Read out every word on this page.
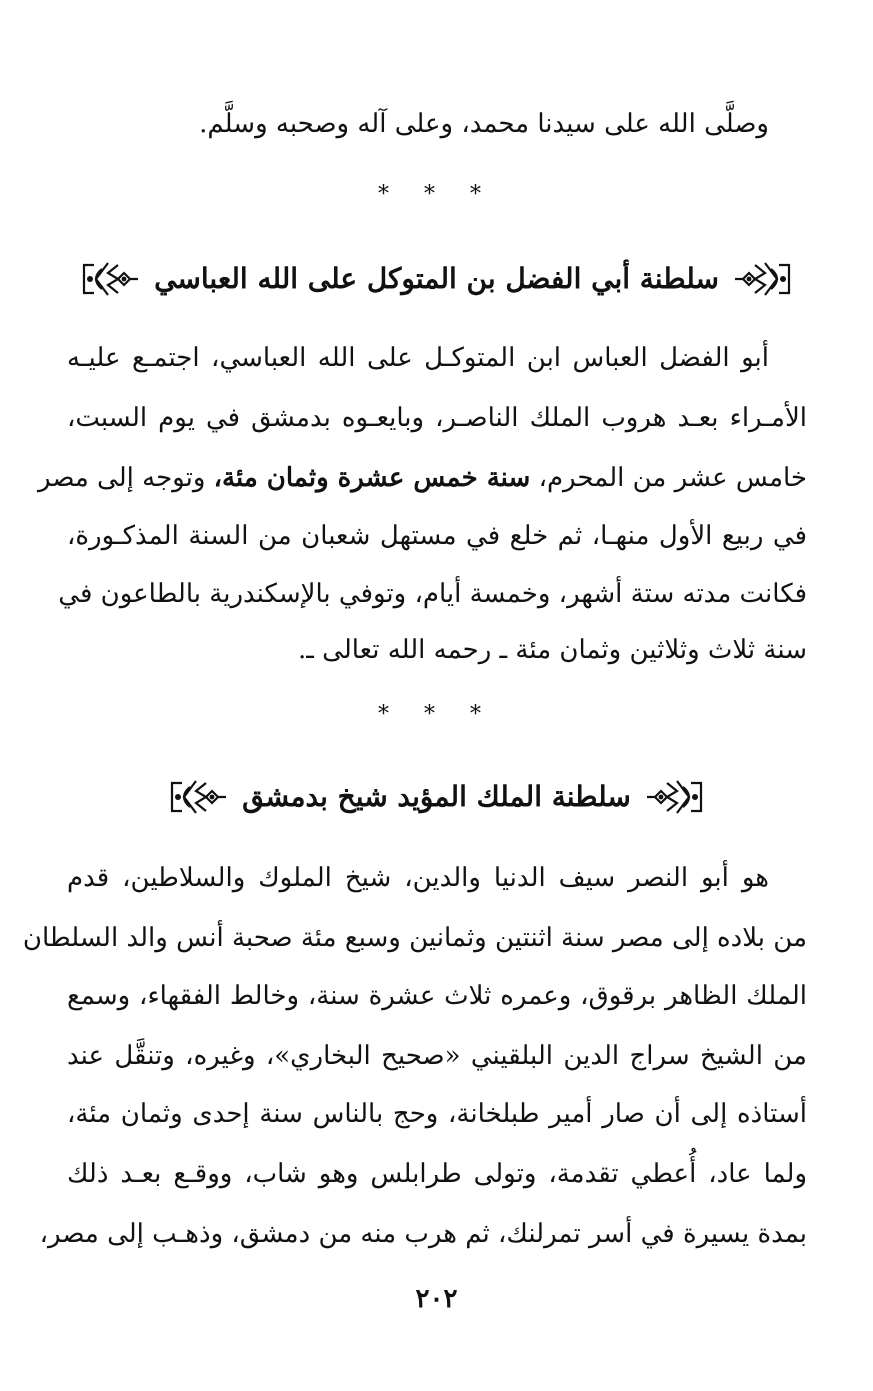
وصلَّى الله على سيدنا محمد، وعلى آله وصحبه وسلَّم.
* * *
سلطنة أبي الفضل بن المتوكل على الله العباسي
أبو الفضل العباس ابن المتوكـل على الله العباسي، اجتمـع عليـه
الأمـراء بعـد هروب الملك الناصـر، وبايعـوه بدمشق في يوم السبت،
خامس عشر من المحرم، سنة خمس عشرة وثمان مئة، وتوجه إلى مصر
في ربيع الأول منهـا، ثم خلع في مستهل شعبان من السنة المذكـورة،
فكانت مدته ستة أشهر، وخمسة أيام، وتوفي بالإسكندرية بالطاعون في
سنة ثلاث وثلاثين وثمان مئة ـ رحمه الله تعالى ـ.
* * *
سلطنة الملك المؤيد شيخ بدمشق
هو أبو النصر سيف الدنيا والدين، شيخ الملوك والسلاطين، قدم
من بلاده إلى مصر سنة اثنتين وثمانين وسبع مئة صحبة أنس والد السلطان
الملك الظاهر برقوق، وعمره ثلاث عشرة سنة، وخالط الفقهاء، وسمع
من الشيخ سراج الدين البلقيني «صحيح البخاري»، وغيره، وتنقَّل عند
أستاذه إلى أن صار أمير طبلخانة، وحج بالناس سنة إحدى وثمان مئة،
ولما عاد، أُعطي تقدمة، وتولى طرابلس وهو شاب، ووقـع بعـد ذلك
بمدة يسيرة في أسر تمرلنك، ثم هرب منه من دمشق، وذهـب إلى مصر،
٢٠٢
